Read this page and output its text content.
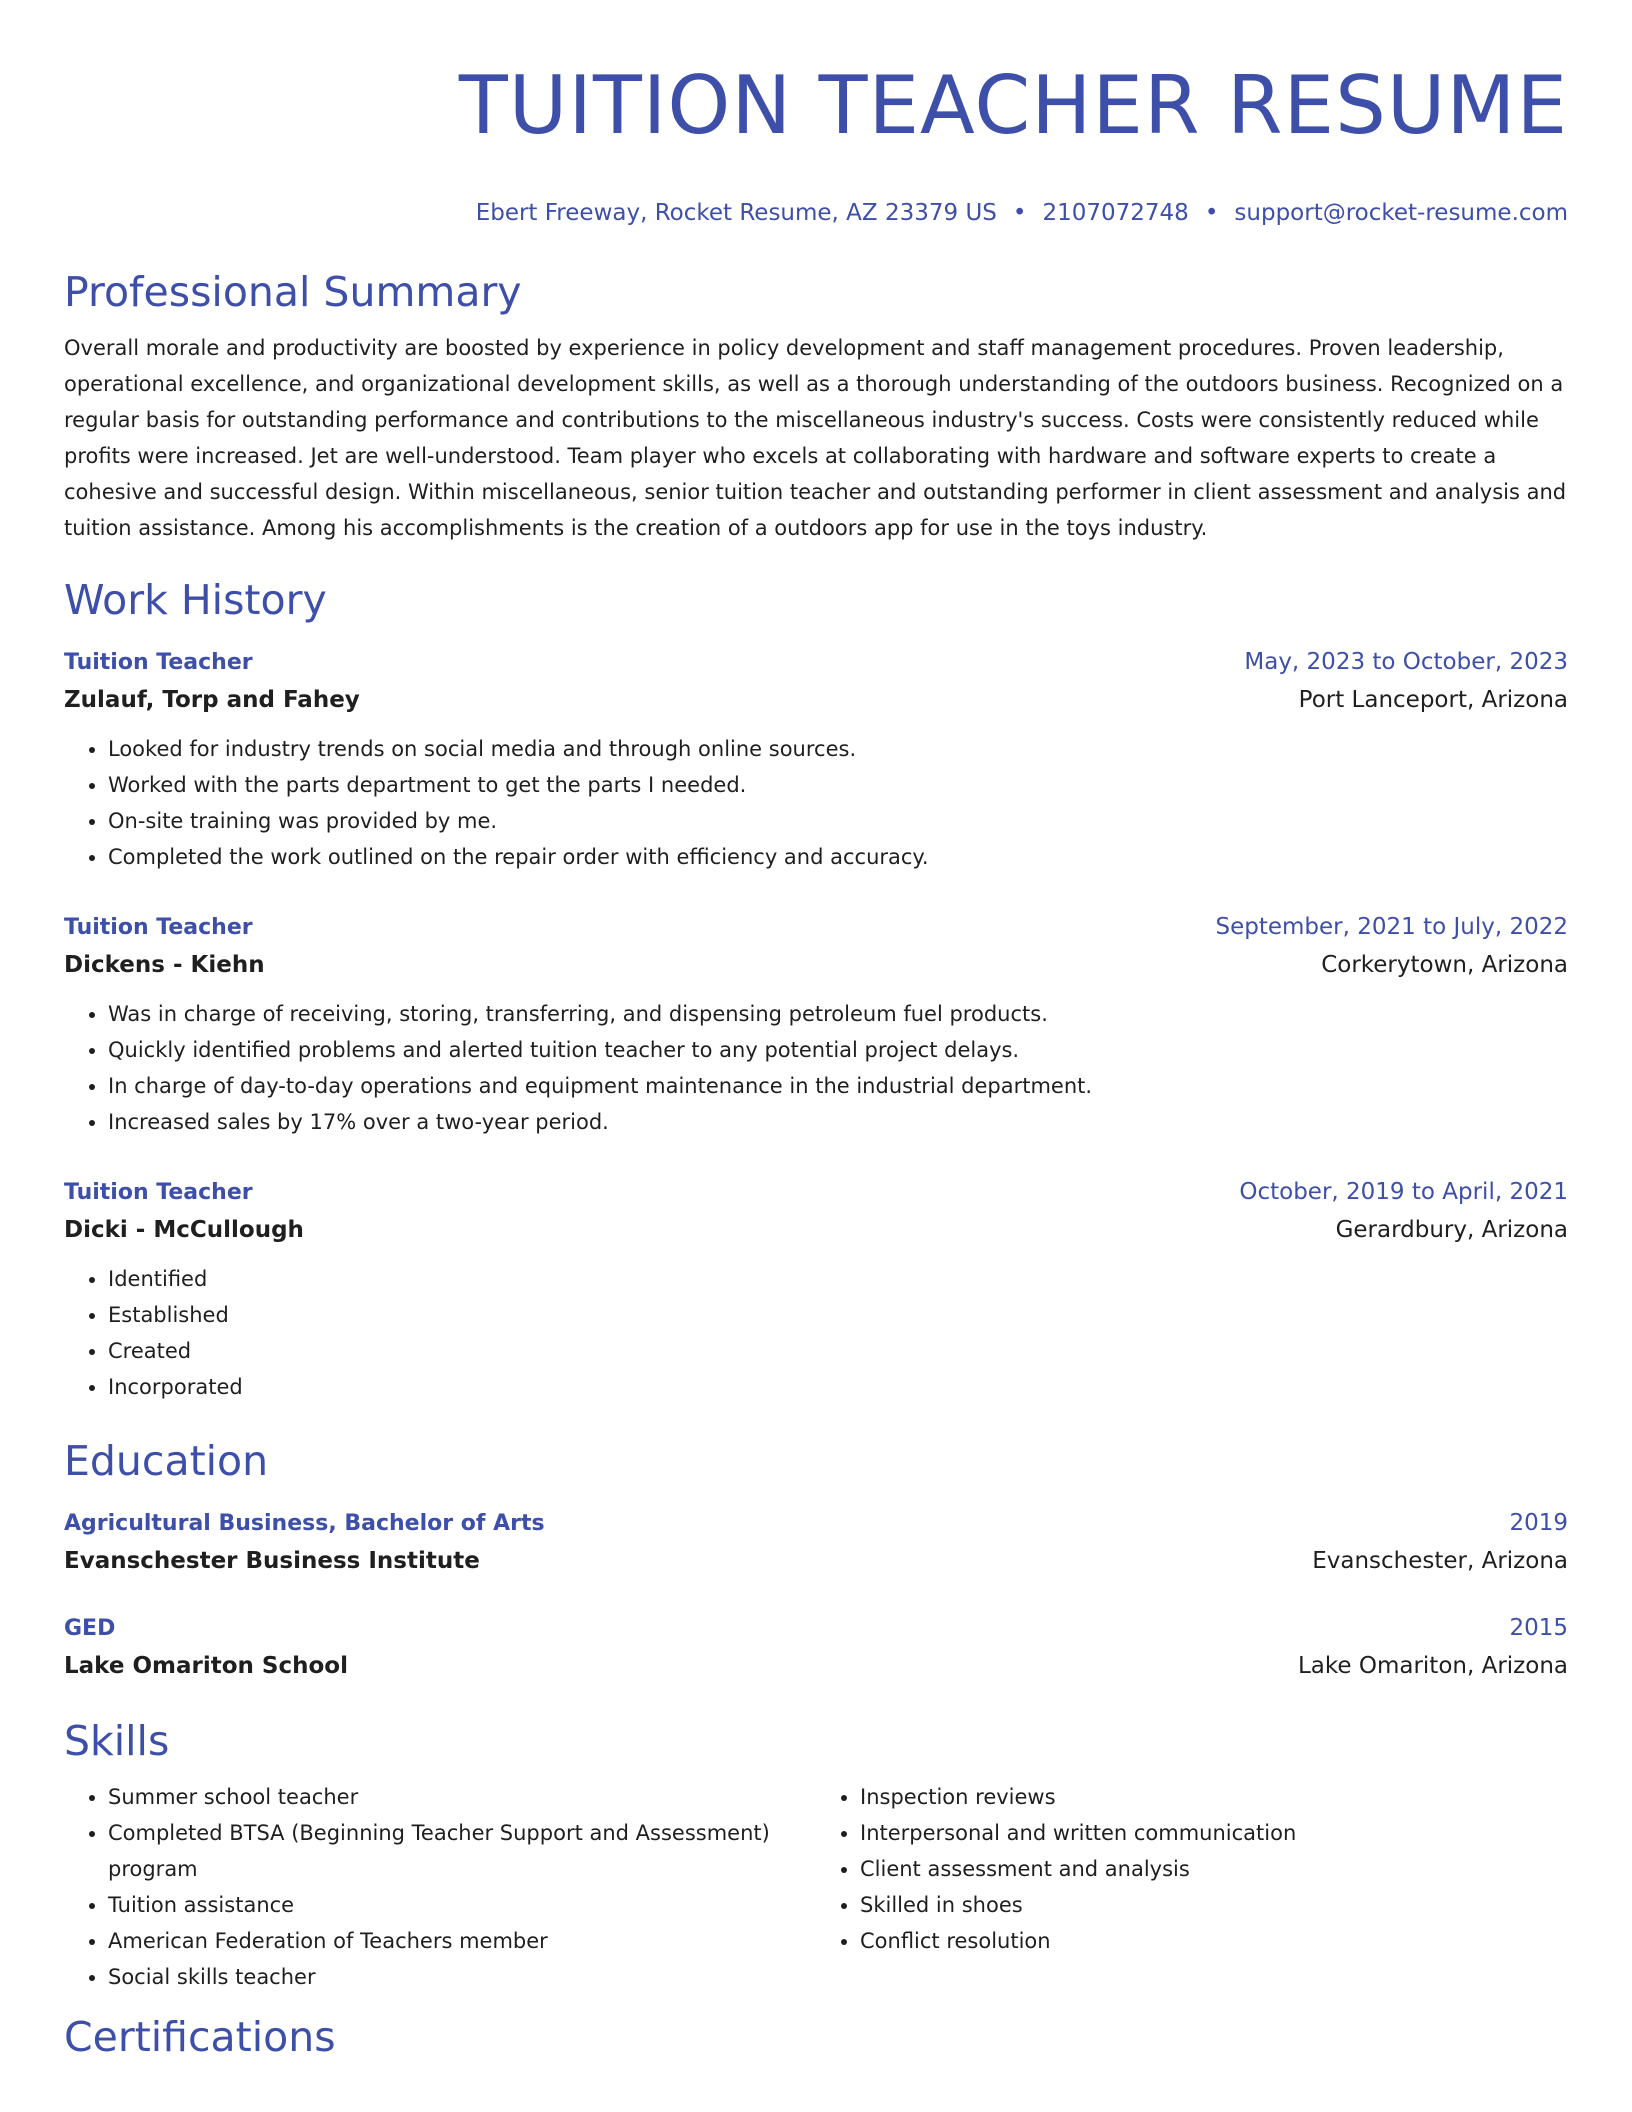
TUITION TEACHER RESUME
Ebert Freeway, Rocket Resume, AZ 23379 US • 2107072748 • support@rocket-resume.com
Professional Summary
Overall morale and productivity are boosted by experience in policy development and staff management procedures. Proven leadership, operational excellence, and organizational development skills, as well as a thorough understanding of the outdoors business. Recognized on a regular basis for outstanding performance and contributions to the miscellaneous industry's success. Costs were consistently reduced while profits were increased. Jet are well-understood. Team player who excels at collaborating with hardware and software experts to create a cohesive and successful design. Within miscellaneous, senior tuition teacher and outstanding performer in client assessment and analysis and tuition assistance. Among his accomplishments is the creation of a outdoors app for use in the toys industry.
Work History
Tuition Teacher	May, 2023 to October, 2023
Zulauf, Torp and Fahey	Port Lanceport, Arizona
• Looked for industry trends on social media and through online sources.
• Worked with the parts department to get the parts I needed.
• On-site training was provided by me.
• Completed the work outlined on the repair order with efficiency and accuracy.
Tuition Teacher	September, 2021 to July, 2022
Dickens - Kiehn	Corkerytown, Arizona
• Was in charge of receiving, storing, transferring, and dispensing petroleum fuel products.
• Quickly identified problems and alerted tuition teacher to any potential project delays.
• In charge of day-to-day operations and equipment maintenance in the industrial department.
• Increased sales by 17% over a two-year period.
Tuition Teacher	October, 2019 to April, 2021
Dicki - McCullough	Gerardbury, Arizona
• Identified
• Established
• Created
• Incorporated
Education
Agricultural Business, Bachelor of Arts	2019
Evanschester Business Institute	Evanschester, Arizona
GED	2015
Lake Omariton School	Lake Omariton, Arizona
Skills
• Summer school teacher
• Completed BTSA (Beginning Teacher Support and Assessment) program
• Tuition assistance
• American Federation of Teachers member
• Social skills teacher
• Inspection reviews
• Interpersonal and written communication
• Client assessment and analysis
• Skilled in shoes
• Conflict resolution
Certifications
